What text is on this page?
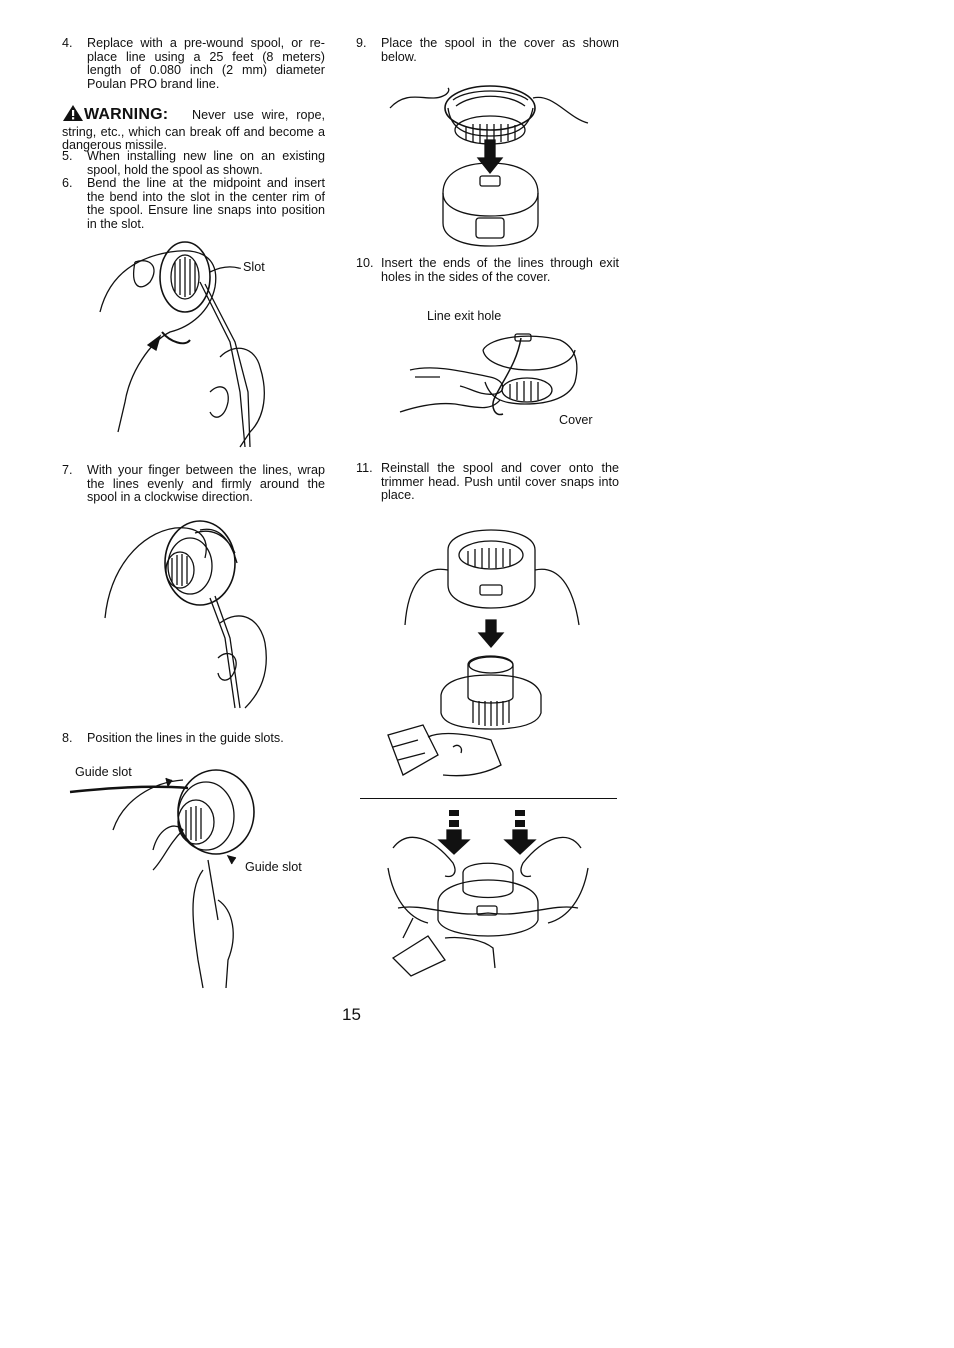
4.	Replace with a pre-wound spool, or re-place line using a 25 feet (8 meters) length of 0.080 inch (2 mm) diameter Poulan PRO brand line.
WARNING: Never use wire, rope, string, etc., which can break off and become a dangerous missile.
5.	When installing new line on an existing spool, hold the spool as shown.
6.	Bend the line at the midpoint and insert the bend into the slot in the center rim of the spool. Ensure line snaps into position in the slot.
Slot
7.	With your finger between the lines, wrap the lines evenly and firmly around the spool in a clockwise direction.
8.	Position the lines in the guide slots.
Guide slot
Guide slot
9.	Place the spool in the cover as shown below.
10. Insert the ends of the lines through exit holes in the sides of the cover.
Line exit hole
Cover
11. Reinstall the spool and cover onto the trimmer head. Push until cover snaps into place.
15
